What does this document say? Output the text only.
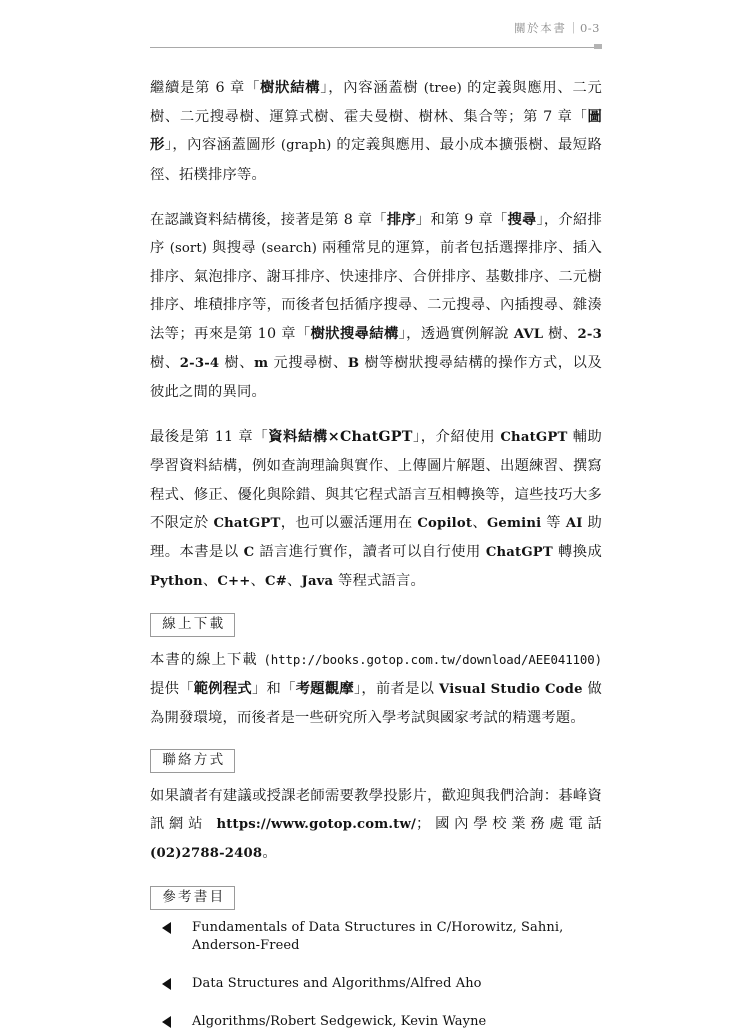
關於本書｜0-3

繼續是第 6 章「樹狀結構」，內容涵蓋樹 (tree) 的定義與應用、二元樹、二元搜尋樹、運算式樹、霍夫曼樹、樹林、集合等；第 7 章「圖形」，內容涵蓋圖形 (graph) 的定義與應用、最小成本擴張樹、最短路徑、拓樸排序等。

在認識資料結構後，接著是第 8 章「排序」和第 9 章「搜尋」，介紹排序 (sort) 與搜尋 (search) 兩種常見的運算，前者包括選擇排序、插入排序、氣泡排序、謝耳排序、快速排序、合併排序、基數排序、二元樹排序、堆積排序等，而後者包括循序搜尋、二元搜尋、內插搜尋、雜湊法等；再來是第 10 章「樹狀搜尋結構」，透過實例解說 AVL 樹、2-3 樹、2-3-4 樹、m 元搜尋樹、B 樹等樹狀搜尋結構的操作方式，以及彼此之間的異同。

最後是第 11 章「資料結構×ChatGPT」，介紹使用 ChatGPT 輔助學習資料結構，例如查詢理論與實作、上傳圖片解題、出題練習、撰寫程式、修正、優化與除錯、與其它程式語言互相轉換等，這些技巧大多不限定於 ChatGPT，也可以靈活運用在 Copilot、Gemini 等 AI 助理。本書是以 C 語言進行實作，讀者可以自行使用 ChatGPT 轉換成 Python、C++、C#、Java 等程式語言。

線上下載

本書的線上下載 (http://books.gotop.com.tw/download/AEE041100) 提供「範例程式」和「考題觀摩」，前者是以 Visual Studio Code 做為開發環境，而後者是一些研究所入學考試與國家考試的精選考題。

聯絡方式

如果讀者有建議或授課老師需要教學投影片，歡迎與我們洽詢：碁峰資訊網站 https://www.gotop.com.tw/；國內學校業務處電話 (02)2788-2408。

參考書目
Fundamentals of Data Structures in C/Horowitz, Sahni, Anderson-Freed
Data Structures and Algorithms/Alfred Aho
Algorithms/Robert Sedgewick, Kevin Wayne
